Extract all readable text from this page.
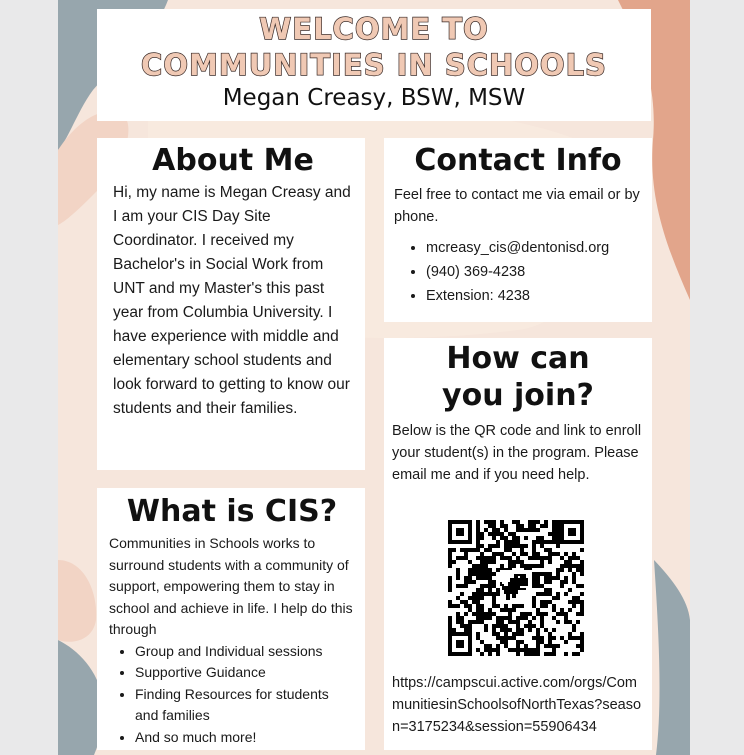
WELCOME TO
COMMUNITIES IN SCHOOLS
Megan Creasy, BSW, MSW
About Me
Hi, my name is Megan Creasy and I am your CIS Day Site Coordinator. I received my Bachelor's in Social Work from UNT and my Master's this past year from Columbia University. I have experience with middle and elementary school students and look forward to getting to know our students and their families.
Contact Info
Feel free to contact me via email or by phone.
• mcreasy_cis@dentonisd.org
• (940) 369-4238
• Extension: 4238
What is CIS?
Communities in Schools works to surround students with a community of support, empowering them to stay in school and achieve in life. I help do this through
• Group and Individual sessions
• Supportive Guidance
• Finding Resources for students and families
• And so much more!
How can you join?
Below is the QR code and link to enroll your student(s) in the program. Please email me and if you need help.
https://campscui.active.com/orgs/CommunitiesinSchoolsofNorthTexas?season=3175234&session=55906434
